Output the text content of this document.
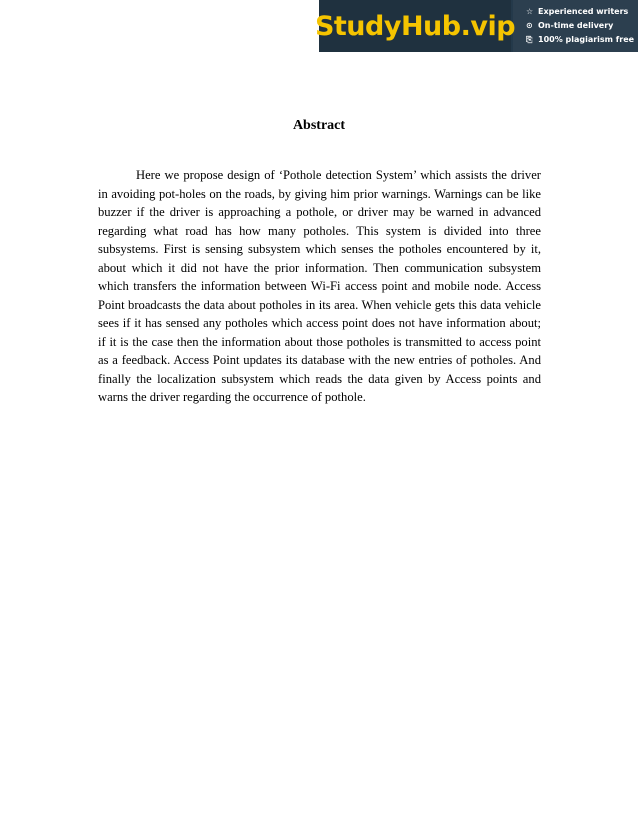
StudyHub.vip ☆ Experienced writers
⊙ On-time delivery
⎘ 100% plagiarism free
Abstract

Here we propose design of ‘Pothole detection System’ which assists the driver in avoiding pot-holes on the roads, by giving him prior warnings. Warnings can be like buzzer if the driver is approaching a pothole, or driver may be warned in advanced regarding what road has how many potholes. This system is divided into three subsystems. First is sensing subsystem which senses the potholes encountered by it, about which it did not have the prior information. Then communication subsystem which transfers the information between Wi-Fi access point and mobile node. Access Point broadcasts the data about potholes in its area. When vehicle gets this data vehicle sees if it has sensed any potholes which access point does not have information about; if it is the case then the information about those potholes is transmitted to access point as a feedback. Access Point updates its database with the new entries of potholes. And finally the localization subsystem which reads the data given by Access points and warns the driver regarding the occurrence of pothole.
